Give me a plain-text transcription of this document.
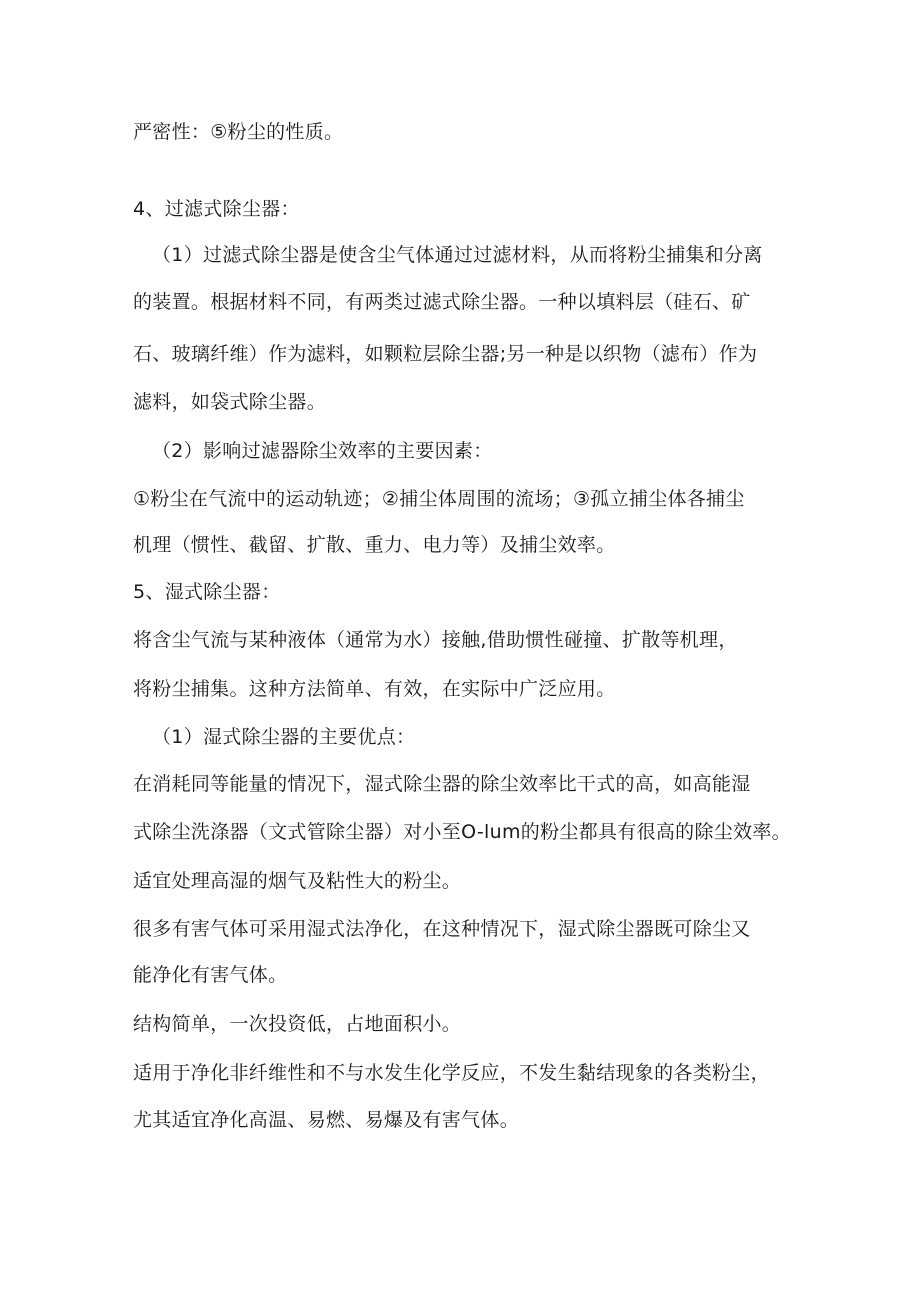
严密性：⑤粉尘的性质。
4、过滤式除尘器：
（1）过滤式除尘器是使含尘气体通过过滤材料，从而将粉尘捕集和分离
的装置。根据材料不同，有两类过滤式除尘器。一种以填料层（硅石、矿
石、玻璃纤维）作为滤料，如颗粒层除尘器;另一种是以织物（滤布）作为
滤料，如袋式除尘器。
（2）影响过滤器除尘效率的主要因素：
①粉尘在气流中的运动轨迹；②捕尘体周围的流场；③孤立捕尘体各捕尘
机理（惯性、截留、扩散、重力、电力等）及捕尘效率。
5、湿式除尘器：
将含尘气流与某种液体（通常为水）接触,借助惯性碰撞、扩散等机理，
将粉尘捕集。这种方法简单、有效，在实际中广泛应用。
（1）湿式除尘器的主要优点：
在消耗同等能量的情况下，湿式除尘器的除尘效率比干式的高，如高能湿
式除尘洗涤器（文式管除尘器）对小至O-lum的粉尘都具有很高的除尘效率。
适宜处理高湿的烟气及粘性大的粉尘。
很多有害气体可采用湿式法净化，在这种情况下，湿式除尘器既可除尘又
能净化有害气体。
结构简单，一次投资低，占地面积小。
适用于净化非纤维性和不与水发生化学反应，不发生黏结现象的各类粉尘，
尤其适宜净化高温、易燃、易爆及有害气体。
